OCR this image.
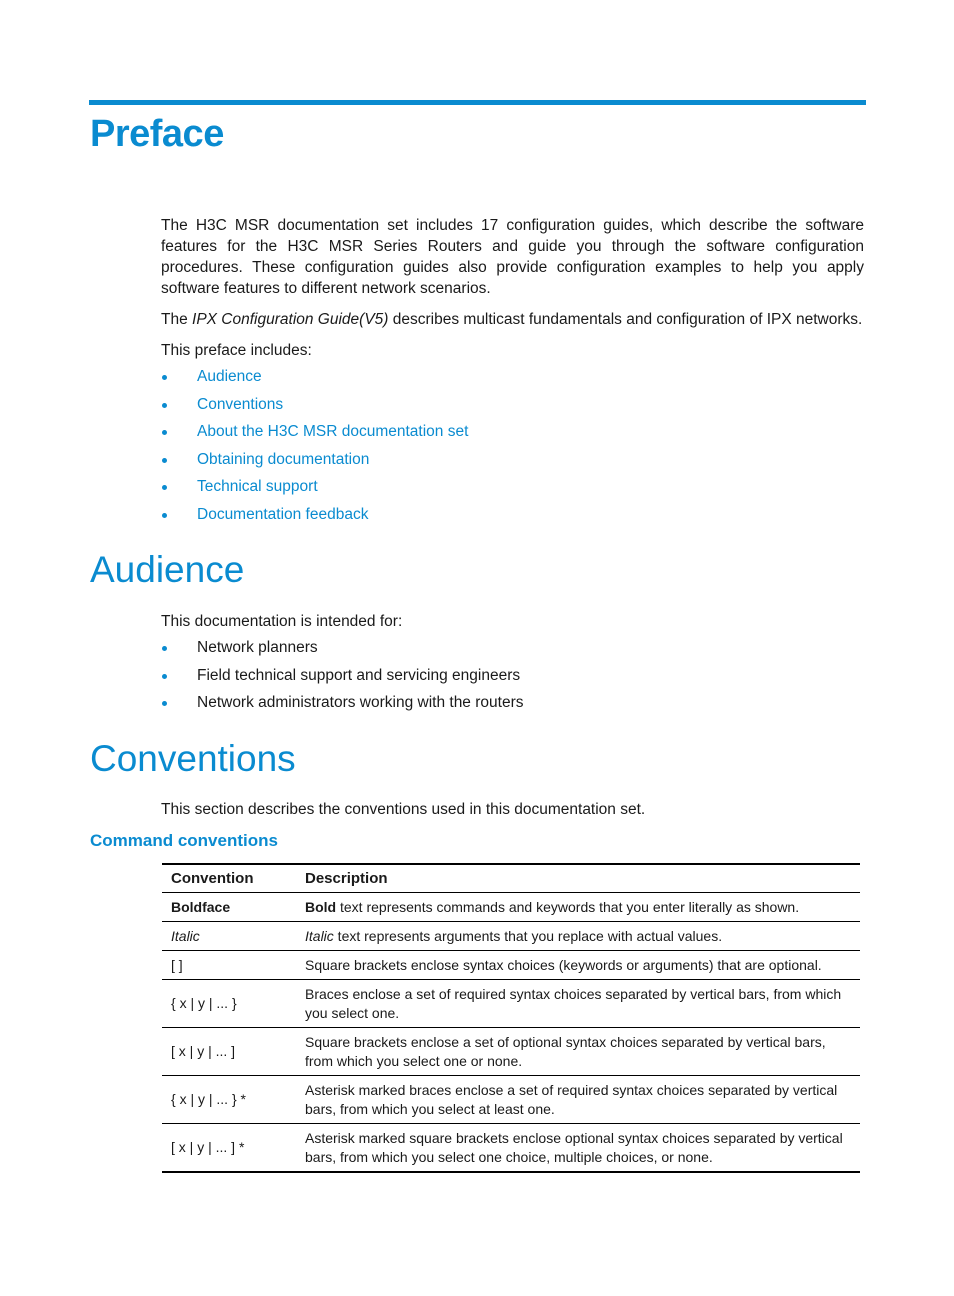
Preface

The H3C MSR documentation set includes 17 configuration guides, which describe the software features for the H3C MSR Series Routers and guide you through the software configuration procedures. These configuration guides also provide configuration examples to help you apply software features to different network scenarios.

The IPX Configuration Guide(V5) describes multicast fundamentals and configuration of IPX networks.

This preface includes:

Audience
Conventions
About the H3C MSR documentation set
Obtaining documentation
Technical support
Documentation feedback
Audience

This documentation is intended for:

Network planners
Field technical support and servicing engineers
Network administrators working with the routers
Conventions

This section describes the conventions used in this documentation set.

Command conventions
Convention	Description
Boldface	Bold text represents commands and keywords that you enter literally as shown.
Italic	Italic text represents arguments that you replace with actual values.
[ ]	Square brackets enclose syntax choices (keywords or arguments) that are optional.
{ x | y | ... }	Braces enclose a set of required syntax choices separated by vertical bars, from which you select one.
[ x | y | ... ]	Square brackets enclose a set of optional syntax choices separated by vertical bars, from which you select one or none.
{ x | y | ... } *	Asterisk marked braces enclose a set of required syntax choices separated by vertical bars, from which you select at least one.
[ x | y | ... ] *	Asterisk marked square brackets enclose optional syntax choices separated by vertical bars, from which you select one choice, multiple choices, or none.
